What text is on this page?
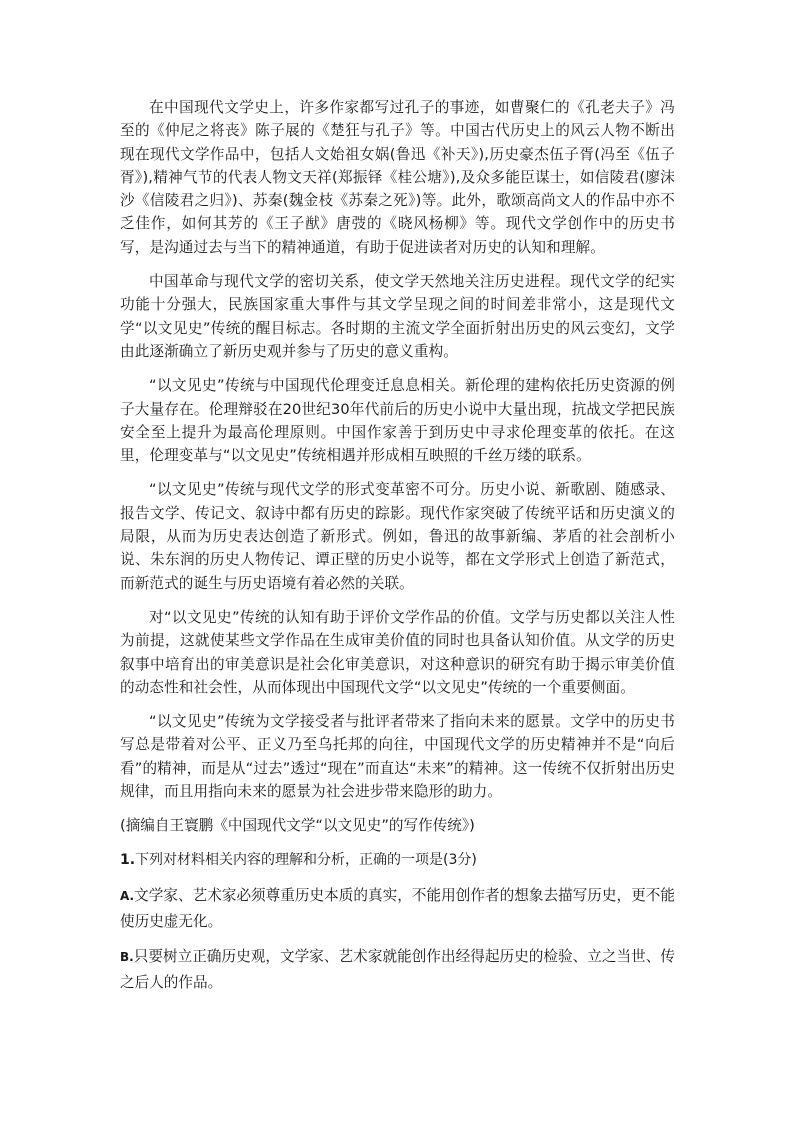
在中国现代文学史上，许多作家都写过孔子的事迹，如曹聚仁的《孔老夫子》冯至的《仲尼之将丧》陈子展的《楚狂与孔子》等。中国古代历史上的风云人物不断出现在现代文学作品中，包括人文始祖女娲(鲁迅《补天》),历史豪杰伍子胥(冯至《伍子胥》),精神气节的代表人物文天祥(郑振铎《桂公塘》),及众多能臣谋士，如信陵君(廖沫沙《信陵君之归》)、苏秦(魏金枝《苏秦之死》)等。此外，歌颂高尚文人的作品中亦不乏佳作，如何其芳的《王子猷》唐弢的《晓风杨柳》等。现代文学创作中的历史书写，是沟通过去与当下的精神通道，有助于促进读者对历史的认知和理解。

中国革命与现代文学的密切关系，使文学天然地关注历史进程。现代文学的纪实功能十分强大，民族国家重大事件与其文学呈现之间的时间差非常小，这是现代文学“以文见史”传统的醒目标志。各时期的主流文学全面折射出历史的风云变幻，文学由此逐渐确立了新历史观并参与了历史的意义重构。

“以文见史”传统与中国现代伦理变迁息息相关。新伦理的建构依托历史资源的例子大量存在。伦理辩驳在20世纪30年代前后的历史小说中大量出现，抗战文学把民族安全至上提升为最高伦理原则。中国作家善于到历史中寻求伦理变革的依托。在这里，伦理变革与“以文见史”传统相遇并形成相互映照的千丝万缕的联系。

“以文见史”传统与现代文学的形式变革密不可分。历史小说、新歌剧、随感录、报告文学、传记文、叙诗中都有历史的踪影。现代作家突破了传统平话和历史演义的局限，从而为历史表达创造了新形式。例如，鲁迅的故事新编、茅盾的社会剖析小说、朱东润的历史人物传记、谭正壁的历史小说等，都在文学形式上创造了新范式，而新范式的诞生与历史语境有着必然的关联。

对“以文见史”传统的认知有助于评价文学作品的价值。文学与历史都以关注人性为前提，这就使某些文学作品在生成审美价值的同时也具备认知价值。从文学的历史叙事中培育出的审美意识是社会化审美意识，对这种意识的研究有助于揭示审美价值的动态性和社会性，从而体现出中国现代文学“以文见史”传统的一个重要侧面。

“以文见史”传统为文学接受者与批评者带来了指向未来的愿景。文学中的历史书写总是带着对公平、正义乃至乌托邦的向往，中国现代文学的历史精神并不是“向后看”的精神，而是从“过去”透过“现在”而直达“未来”的精神。这一传统不仅折射出历史规律，而且用指向未来的愿景为社会进步带来隐形的助力。

(摘编自王寰鹏《中国现代文学“以文见史”的写作传统》)

1.下列对材料相关内容的理解和分析，正确的一项是(3分)

A.文学家、艺术家必须尊重历史本质的真实，不能用创作者的想象去描写历史，更不能使历史虚无化。

B.只要树立正确历史观，文学家、艺术家就能创作出经得起历史的检验、立之当世、传之后人的作品。
